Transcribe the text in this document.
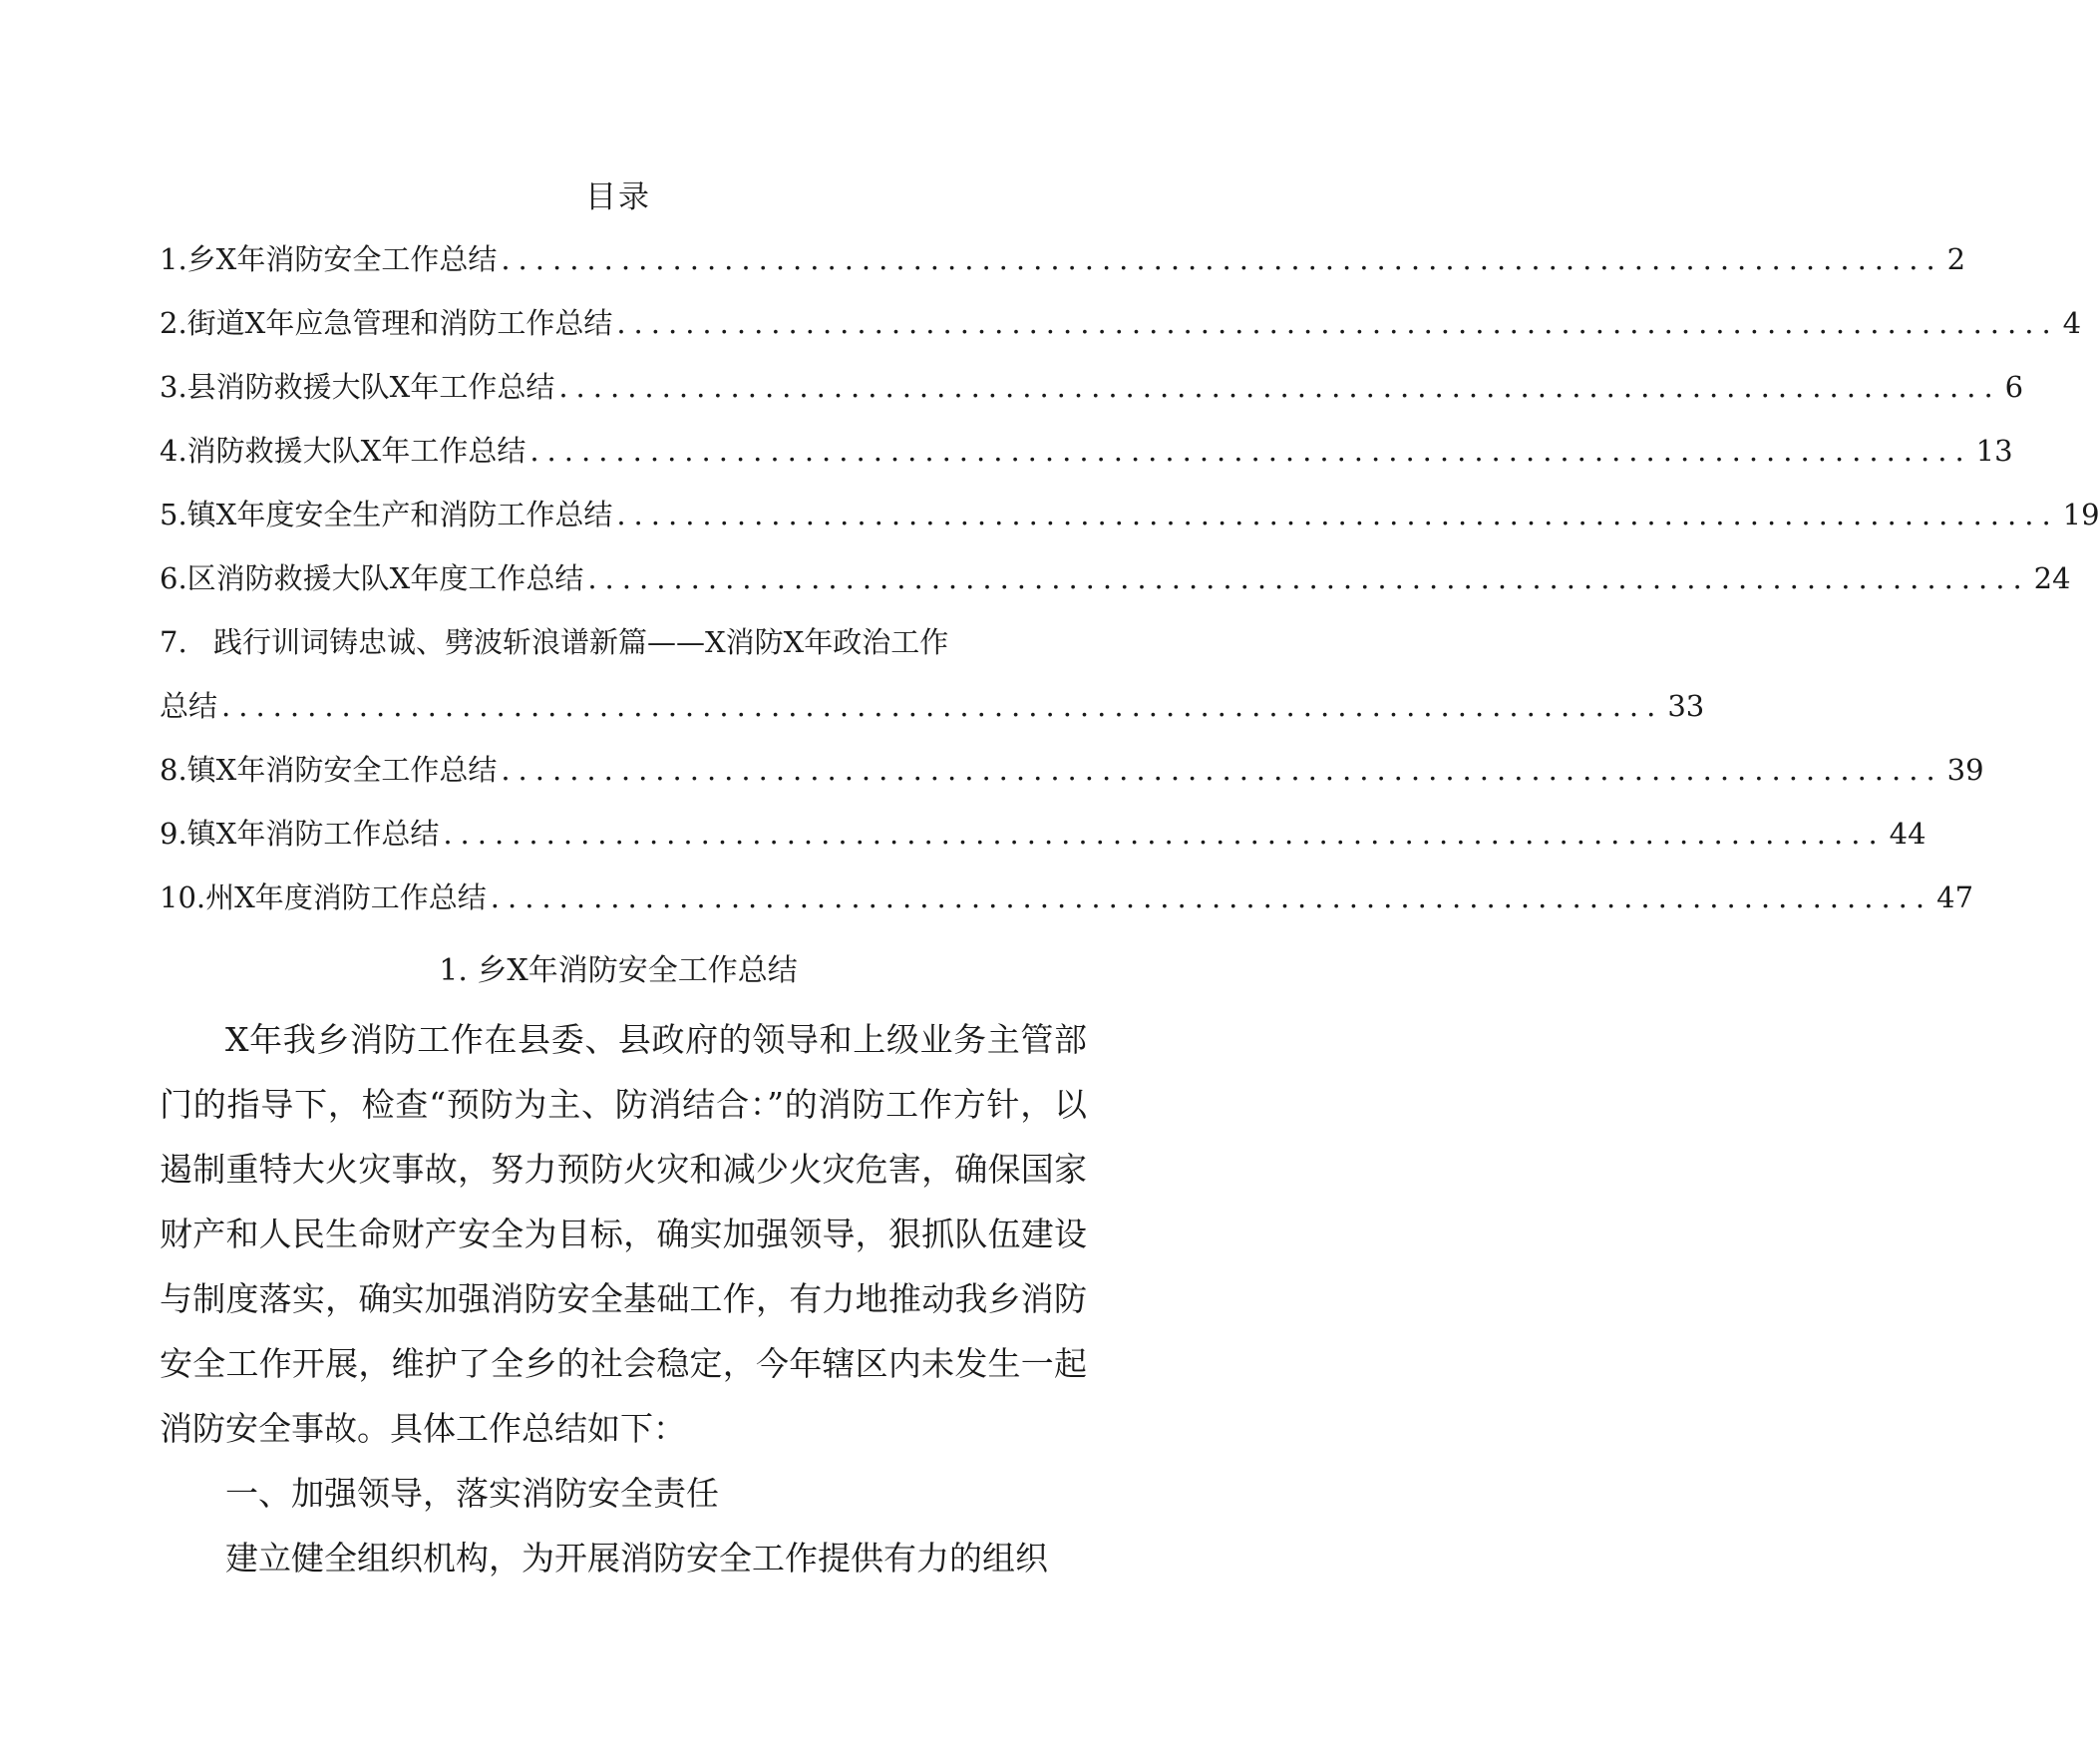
目录
1. 乡X年消防安全工作总结 .................................................................................... 2
2. 街道X年应急管理和消防工作总结 .................................................................................... 4
3. 县消防救援大队X年工作总结 .................................................................................... 6
4. 消防救援大队X年工作总结 .................................................................................... 13
5. 镇X年度安全生产和消防工作总结 .................................................................................... 19
6. 区消防救援大队X年度工作总结 .................................................................................... 24
7. 践行训词铸忠诚、劈波斩浪谱新篇——X消防X年政治工作
总结 .................................................................................... 33
8. 镇X年消防安全工作总结 .................................................................................... 39
9. 镇X年消防工作总结 .................................................................................... 44
10. 州X年度消防工作总结 .................................................................................... 47
1. 乡X年消防安全工作总结

X年我乡消防工作在县委、县政府的领导和上级业务主管部门的指导下，检查“预防为主、防消结合：”的消防工作方针，以遏制重特大火灾事故，努力预防火灾和减少火灾危害，确保国家财产和人民生命财产安全为目标，确实加强领导，狠抓队伍建设与制度落实，确实加强消防安全基础工作，有力地推动我乡消防安全工作开展，维护了全乡的社会稳定，今年辖区内未发生一起消防安全事故。具体工作总结如下：

一、加强领导，落实消防安全责任

建立健全组织机构，为开展消防安全工作提供有力的组织
